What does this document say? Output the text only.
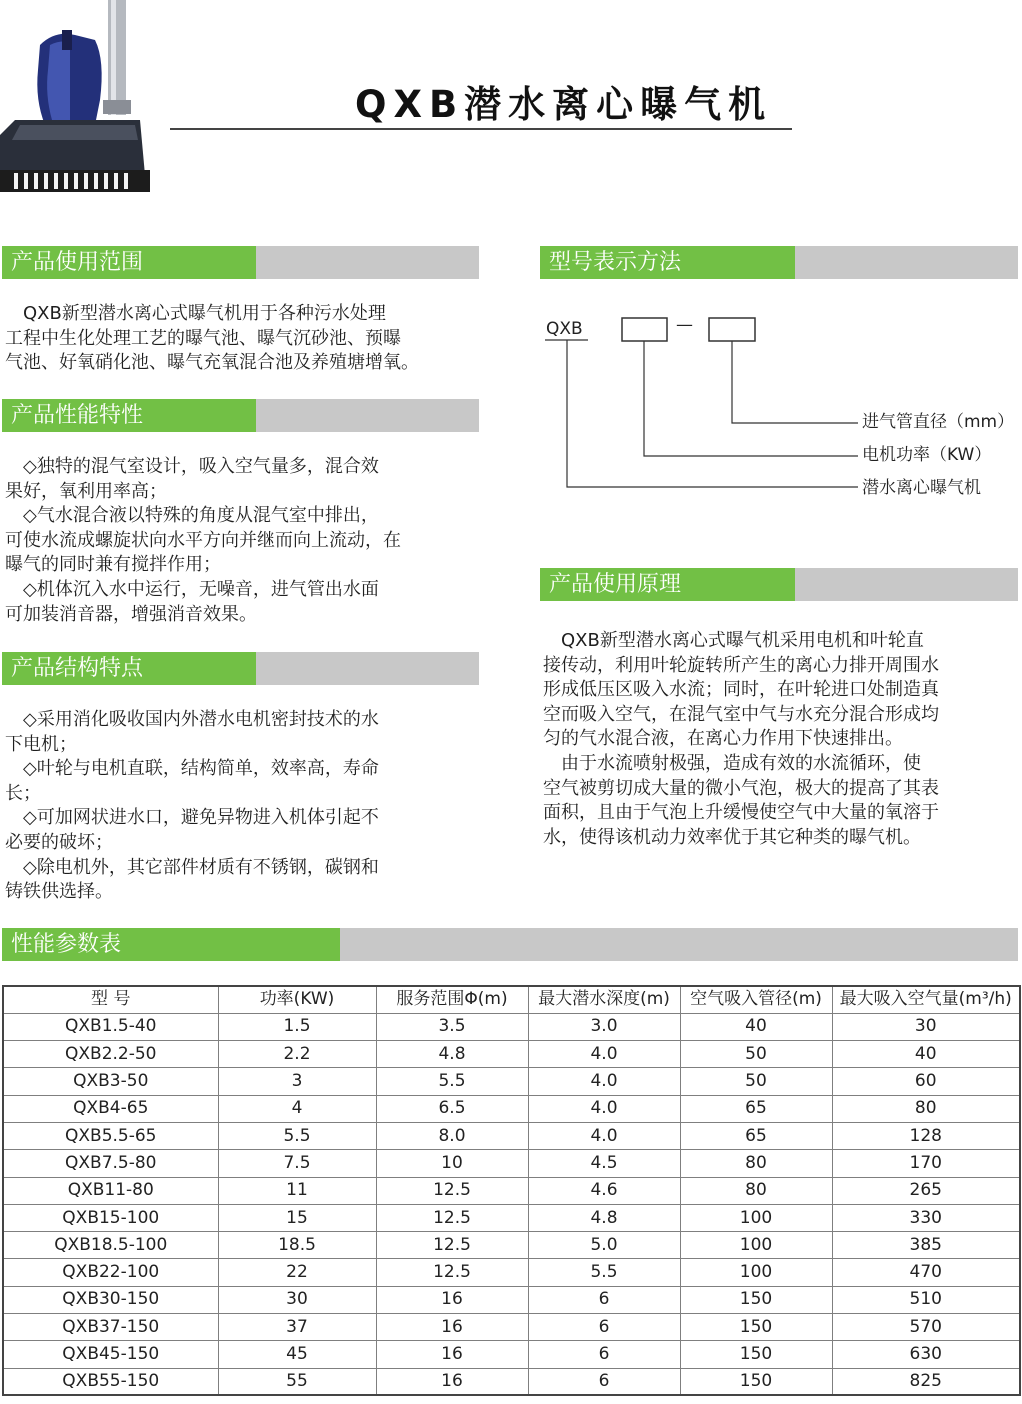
QXB潜水离心曝气机
产品使用范围
　QXB新型潜水离心式曝气机用于各种污水处理
工程中生化处理工艺的曝气池、曝气沉砂池、预曝
气池、好氧硝化池、曝气充氧混合池及养殖塘增氧。
产品性能特性
　◇独特的混气室设计，吸入空气量多，混合效
果好，氧利用率高；
　◇气水混合液以特殊的角度从混气室中排出，
可使水流成螺旋状向水平方向并继而向上流动，在
曝气的同时兼有搅拌作用；
　◇机体沉入水中运行，无噪音，进气管出水面
可加装消音器，增强消音效果。
产品结构特点
　◇采用消化吸收国内外潜水电机密封技术的水
下电机；
　◇叶轮与电机直联，结构简单，效率高，寿命
长；
　◇可加网状进水口，避免异物进入机体引起不
必要的破坏；
　◇除电机外，其它部件材质有不锈钢，碳钢和
铸铁供选择。
型号表示方法
QXB	—
进气管直径（mm）
电机功率（KW）
潜水离心曝气机
产品使用原理
　QXB新型潜水离心式曝气机采用电机和叶轮直
接传动，利用叶轮旋转所产生的离心力排开周围水
形成低压区吸入水流；同时，在叶轮进口处制造真
空而吸入空气，在混气室中气与水充分混合形成均
匀的气水混合液，在离心力作用下快速排出。
　由于水流喷射极强，造成有效的水流循环，使
空气被剪切成大量的微小气泡，极大的提高了其表
面积，且由于气泡上升缓慢使空气中大量的氧溶于
水，使得该机动力效率优于其它种类的曝气机。
性能参数表
型 号	功率(KW)	服务范围Φ(m)	最大潜水深度(m)	空气吸入管径(m)	最大吸入空气量(m³/h)
QXB1.5-40	1.5	3.5	3.0	40	30
QXB2.2-50	2.2	4.8	4.0	50	40
QXB3-50	3	5.5	4.0	50	60
QXB4-65	4	6.5	4.0	65	80
QXB5.5-65	5.5	8.0	4.0	65	128
QXB7.5-80	7.5	10	4.5	80	170
QXB11-80	11	12.5	4.6	80	265
QXB15-100	15	12.5	4.8	100	330
QXB18.5-100	18.5	12.5	5.0	100	385
QXB22-100	22	12.5	5.5	100	470
QXB30-150	30	16	6	150	510
QXB37-150	37	16	6	150	570
QXB45-150	45	16	6	150	630
QXB55-150	55	16	6	150	825
